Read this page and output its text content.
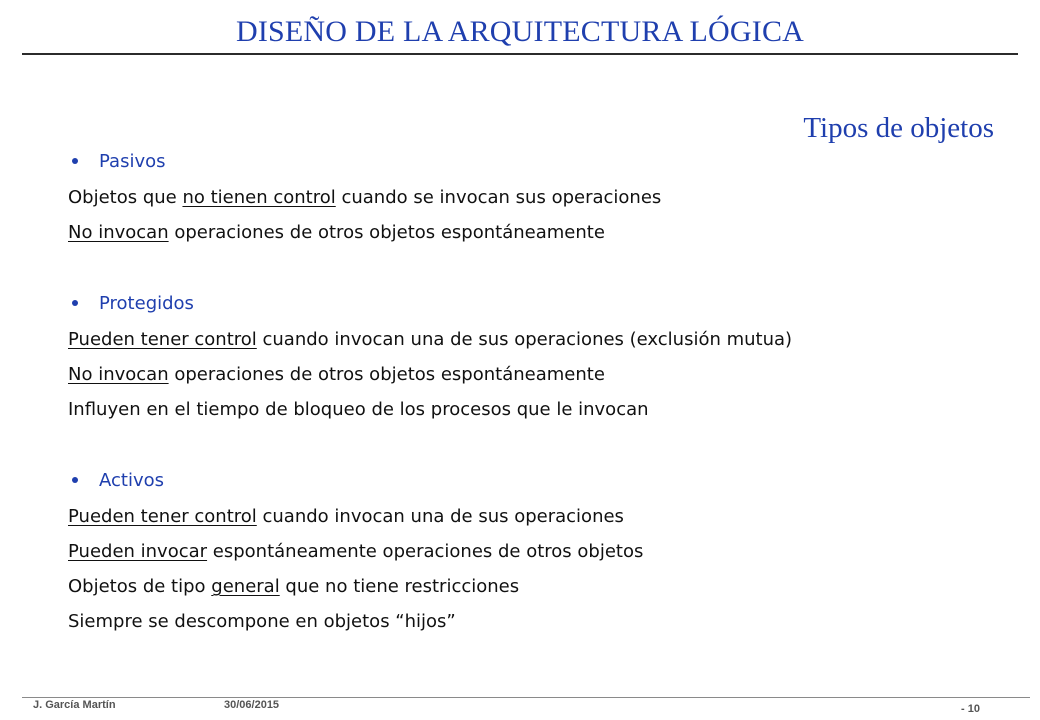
DISEÑO DE LA ARQUITECTURA LÓGICA
Tipos de objetos
Pasivos
Objetos que no tienen control cuando se invocan sus operaciones
No invocan operaciones de otros objetos espontáneamente
Protegidos
Pueden tener control cuando invocan una de sus operaciones (exclusión mutua)
No invocan operaciones de otros objetos espontáneamente
Influyen en el tiempo de bloqueo de los procesos que le invocan
Activos
Pueden tener control cuando invocan una de sus operaciones
Pueden invocar espontáneamente operaciones de otros objetos
Objetos de tipo general que no tiene restricciones
Siempre se descompone en objetos “hijos”
J. García Martín	30/06/2015	- 10
